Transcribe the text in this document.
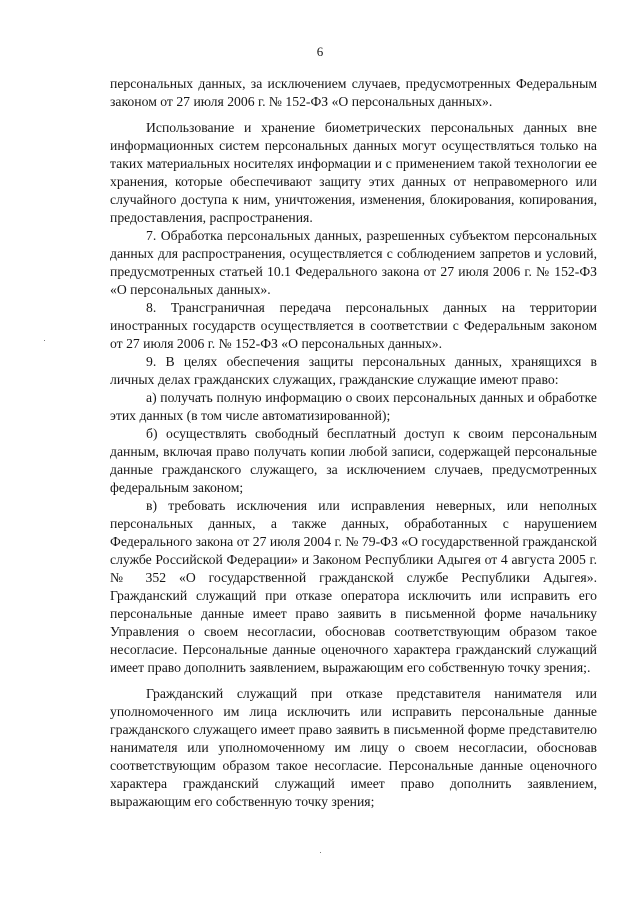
6

персональных данных, за исключением случаев, предусмотренных Федеральным законом от 27 июля 2006 г. № 152-ФЗ «О персональных данных».

Использование и хранение биометрических персональных данных вне информационных систем персональных данных могут осуществляться только на таких материальных носителях информации и с применением такой технологии ее хранения, которые обеспечивают защиту этих данных от неправомерного или случайного доступа к ним, уничтожения, изменения, блокирования, копирования, предоставления, распространения.

7. Обработка персональных данных, разрешенных субъектом персональных данных для распространения, осуществляется с соблюдением запретов и условий, предусмотренных статьей 10.1 Федерального закона от 27 июля 2006 г. № 152-ФЗ «О персональных данных».

8. Трансграничная передача персональных данных на территории иностранных государств осуществляется в соответствии с Федеральным законом от 27 июля 2006 г. № 152-ФЗ «О персональных данных».

9. В целях обеспечения защиты персональных данных, хранящихся в личных делах гражданских служащих, гражданские служащие имеют право:

а) получать полную информацию о своих персональных данных и обработке этих данных (в том числе автоматизированной);

б) осуществлять свободный бесплатный доступ к своим персональным данным, включая право получать копии любой записи, содержащей персональные данные гражданского служащего, за исключением случаев, предусмотренных федеральным законом;

в) требовать исключения или исправления неверных, или неполных персональных данных, а также данных, обработанных с нарушением Федерального закона от 27 июля 2004 г. № 79-ФЗ «О государственной гражданской службе Российской Федерации» и Законом Республики Адыгея от 4 августа 2005 г. № 352 «О государственной гражданской службе Республики Адыгея». Гражданский служащий при отказе оператора исключить или исправить его персональные данные имеет право заявить в письменной форме начальнику Управления о своем несогласии, обосновав соответствующим образом такое несогласие. Персональные данные оценочного характера гражданский служащий имеет право дополнить заявлением, выражающим его собственную точку зрения;.

Гражданский служащий при отказе представителя нанимателя или уполномоченного им лица исключить или исправить персональные данные гражданского служащего имеет право заявить в письменной форме представителю нанимателя или уполномоченному им лицу о своем несогласии, обосновав соответствующим образом такое несогласие. Персональные данные оценочного характера гражданский служащий имеет право дополнить заявлением, выражающим его собственную точку зрения;
